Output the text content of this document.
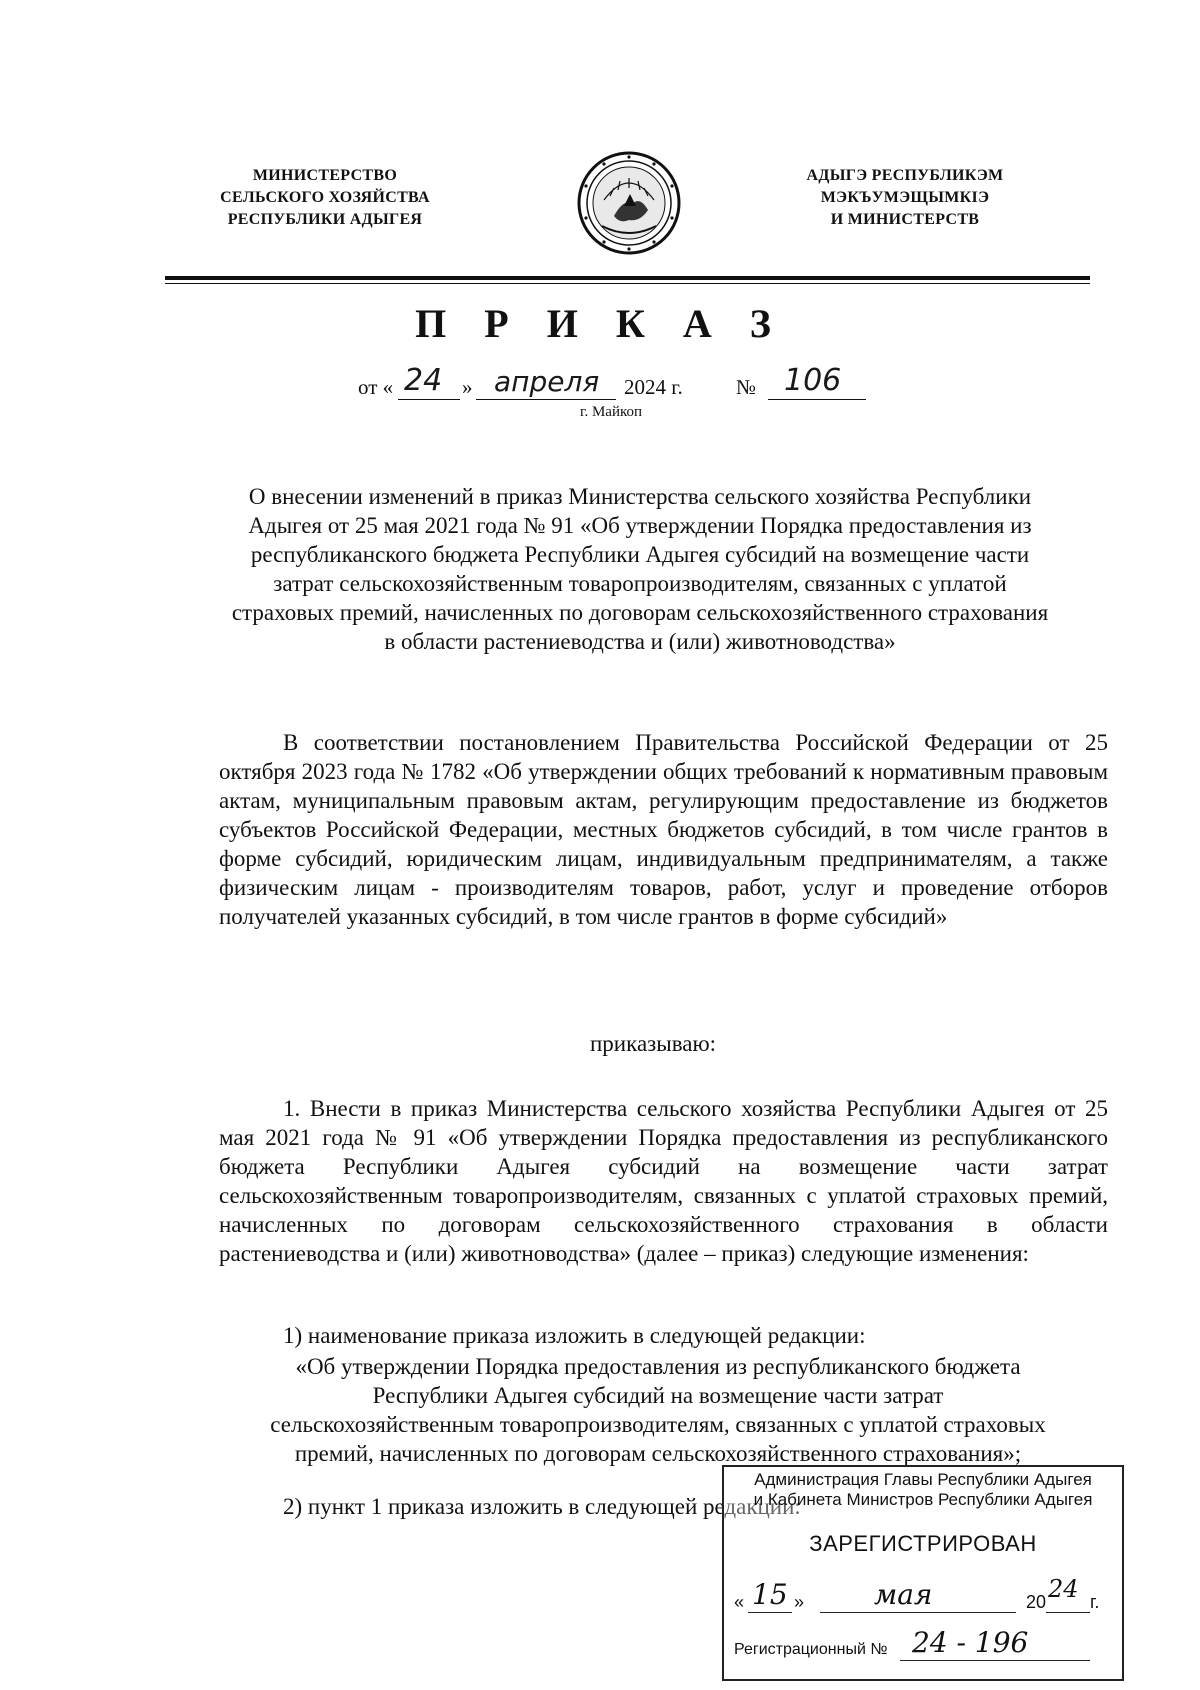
МИНИСТЕРСТВО
СЕЛЬСКОГО ХОЗЯЙСТВА
РЕСПУБЛИКИ АДЫГЕЯ
АДЫГЭ РЕСПУБЛИКЭМ
МЭКЪУМЭЩЫМКIЭ
И МИНИСТЕРСТВ
П Р И К А З
от « 24 » апреля 2024 г.	№ 106
г. Майкоп
О внесении изменений в приказ Министерства сельского хозяйства Республики Адыгея от 25 мая 2021 года № 91 «Об утверждении Порядка предоставления из республиканского бюджета Республики Адыгея субсидий на возмещение части затрат сельскохозяйственным товаропроизводителям, связанных с уплатой страховых премий, начисленных по договорам сельскохозяйственного страхования в области растениеводства и (или) животноводства»
В соответствии постановлением Правительства Российской Федерации от 25 октября 2023 года № 1782 «Об утверждении общих требований к нормативным правовым актам, муниципальным правовым актам, регулирующим предоставление из бюджетов субъектов Российской Федерации, местных бюджетов субсидий, в том числе грантов в форме субсидий, юридическим лицам, индивидуальным предпринимателям, а также физическим лицам - производителям товаров, работ, услуг и проведение отборов получателей указанных субсидий, в том числе грантов в форме субсидий»
приказываю:
1. Внести в приказ Министерства сельского хозяйства Республики Адыгея от 25 мая 2021 года № 91 «Об утверждении Порядка предоставления из республиканского бюджета Республики Адыгея субсидий на возмещение части затрат сельскохозяйственным товаропроизводителям, связанных с уплатой страховых премий, начисленных по договорам сельскохозяйственного страхования в области растениеводства и (или) животноводства» (далее – приказ) следующие изменения:
1) наименование приказа изложить в следующей редакции:
«Об утверждении Порядка предоставления из республиканского бюджета Республики Адыгея субсидий на возмещение части затрат сельскохозяйственным товаропроизводителям, связанных с уплатой страховых премий, начисленных по договорам сельскохозяйственного страхования»;
2) пункт 1 приказа изложить в следующей редакции:
Администрация Главы Республики Адыгея
и Кабинета Министров Республики Адыгея
ЗАРЕГИСТРИРОВАН
« 15 » мая	20 24 г.
Регистрационный № 24 - 196
